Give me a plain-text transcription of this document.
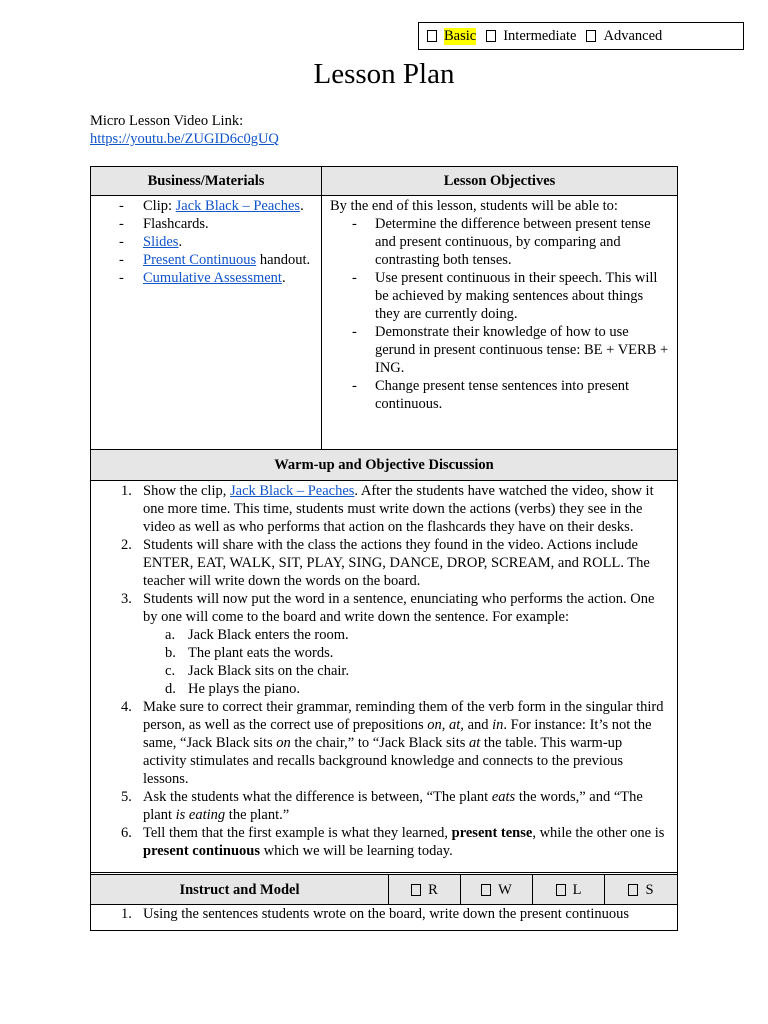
Basic Intermediate Advanced
Lesson Plan
Micro Lesson Video Link:
https://youtu.be/ZUGID6c0gUQ
Business/Materials	Lesson Objectives
- Clip: Jack Black – Peaches.
- Flashcards.
- Slides.
- Present Continuous handout.
- Cumulative Assessment.
By the end of this lesson, students will be able to:
- Determine the difference between present tense and present continuous, by comparing and contrasting both tenses.
- Use present continuous in their speech. This will be achieved by making sentences about things they are currently doing.
- Demonstrate their knowledge of how to use gerund in present continuous tense: BE + VERB + ING.
- Change present tense sentences into present continuous.
Warm-up and Objective Discussion
Show the clip, Jack Black – Peaches. After the students have watched the video, show it one more time. This time, students must write down the actions (verbs) they see in the video as well as who performs that action on the flashcards they have on their desks.
Students will share with the class the actions they found in the video. Actions include ENTER, EAT, WALK, SIT, PLAY, SING, DANCE, DROP, SCREAM, and ROLL. The teacher will write down the words on the board.
Students will now put the word in a sentence, enunciating who performs the action. One by one will come to the board and write down the sentence. For example:
Jack Black enters the room.
The plant eats the words.
Jack Black sits on the chair.
He plays the piano.
Make sure to correct their grammar, reminding them of the verb form in the singular third person, as well as the correct use of prepositions on, at, and in. For instance: It’s not the same, “Jack Black sits on the chair,” to “Jack Black sits at the table. This warm-up activity stimulates and recalls background knowledge and connects to the previous lessons.
Ask the students what the difference is between, “The plant eats the words,” and “The plant is eating the plant.”
Tell them that the first example is what they learned, present tense, while the other one is present continuous which we will be learning today.
Instruct and Model	R	W	L	S
Using the sentences students wrote on the board, write down the present continuous
